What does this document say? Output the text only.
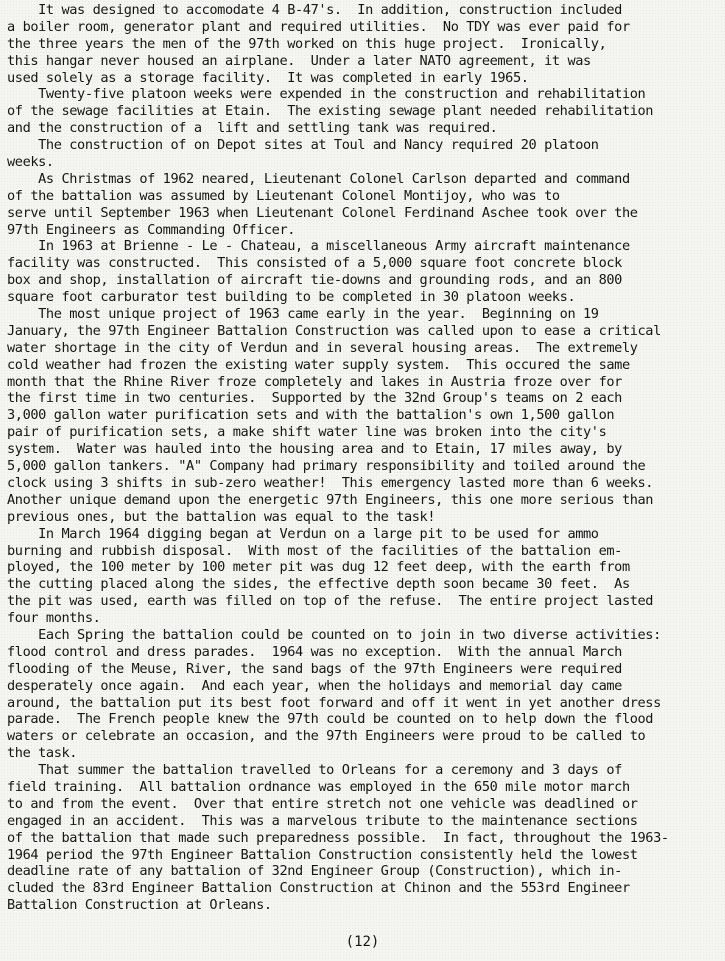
It was designed to accomodate 4 B-47's.  In addition, construction included
a boiler room, generator plant and required utilities.  No TDY was ever paid for
the three years the men of the 97th worked on this huge project.  Ironically,
this hangar never housed an airplane.  Under a later NATO agreement, it was
used solely as a storage facility.  It was completed in early 1965.
Twenty-five platoon weeks were expended in the construction and rehabilitation
of the sewage facilities at Etain.  The existing sewage plant needed rehabilitation
and the construction of a  lift and settling tank was required.
The construction of on Depot sites at Toul and Nancy required 20 platoon
weeks.
As Christmas of 1962 neared, Lieutenant Colonel Carlson departed and command
of the battalion was assumed by Lieutenant Colonel Montijoy, who was to
serve until September 1963 when Lieutenant Colonel Ferdinand Aschee took over the
97th Engineers as Commanding Officer.
In 1963 at Brienne - Le - Chateau, a miscellaneous Army aircraft maintenance
facility was constructed.  This consisted of a 5,000 square foot concrete block
box and shop, installation of aircraft tie-downs and grounding rods, and an 800
square foot carburator test building to be completed in 30 platoon weeks.
The most unique project of 1963 came early in the year.  Beginning on 19
January, the 97th Engineer Battalion Construction was called upon to ease a critical
water shortage in the city of Verdun and in several housing areas.  The extremely
cold weather had frozen the existing water supply system.  This occured the same
month that the Rhine River froze completely and lakes in Austria froze over for
the first time in two centuries.  Supported by the 32nd Group's teams on 2 each
3,000 gallon water purification sets and with the battalion's own 1,500 gallon
pair of purification sets, a make shift water line was broken into the city's
system.  Water was hauled into the housing area and to Etain, 17 miles away, by
5,000 gallon tankers. "A" Company had primary responsibility and toiled around the
clock using 3 shifts in sub-zero weather!  This emergency lasted more than 6 weeks.
Another unique demand upon the energetic 97th Engineers, this one more serious than
previous ones, but the battalion was equal to the task!
In March 1964 digging began at Verdun on a large pit to be used for ammo
burning and rubbish disposal.  With most of the facilities of the battalion em-
ployed, the 100 meter by 100 meter pit was dug 12 feet deep, with the earth from
the cutting placed along the sides, the effective depth soon became 30 feet.  As
the pit was used, earth was filled on top of the refuse.  The entire project lasted
four months.
Each Spring the battalion could be counted on to join in two diverse activities:
flood control and dress parades.  1964 was no exception.  With the annual March
flooding of the Meuse, River, the sand bags of the 97th Engineers were required
desperately once again.  And each year, when the holidays and memorial day came
around, the battalion put its best foot forward and off it went in yet another dress
parade.  The French people knew the 97th could be counted on to help down the flood
waters or celebrate an occasion, and the 97th Engineers were proud to be called to
the task.
That summer the battalion travelled to Orleans for a ceremony and 3 days of
field training.  All battalion ordnance was employed in the 650 mile motor march
to and from the event.  Over that entire stretch not one vehicle was deadlined or
engaged in an accident.  This was a marvelous tribute to the maintenance sections
of the battalion that made such preparedness possible.  In fact, throughout the 1963-
1964 period the 97th Engineer Battalion Construction consistently held the lowest
deadline rate of any battalion of 32nd Engineer Group (Construction), which in-
cluded the 83rd Engineer Battalion Construction at Chinon and the 553rd Engineer
Battalion Construction at Orleans.
(12)
